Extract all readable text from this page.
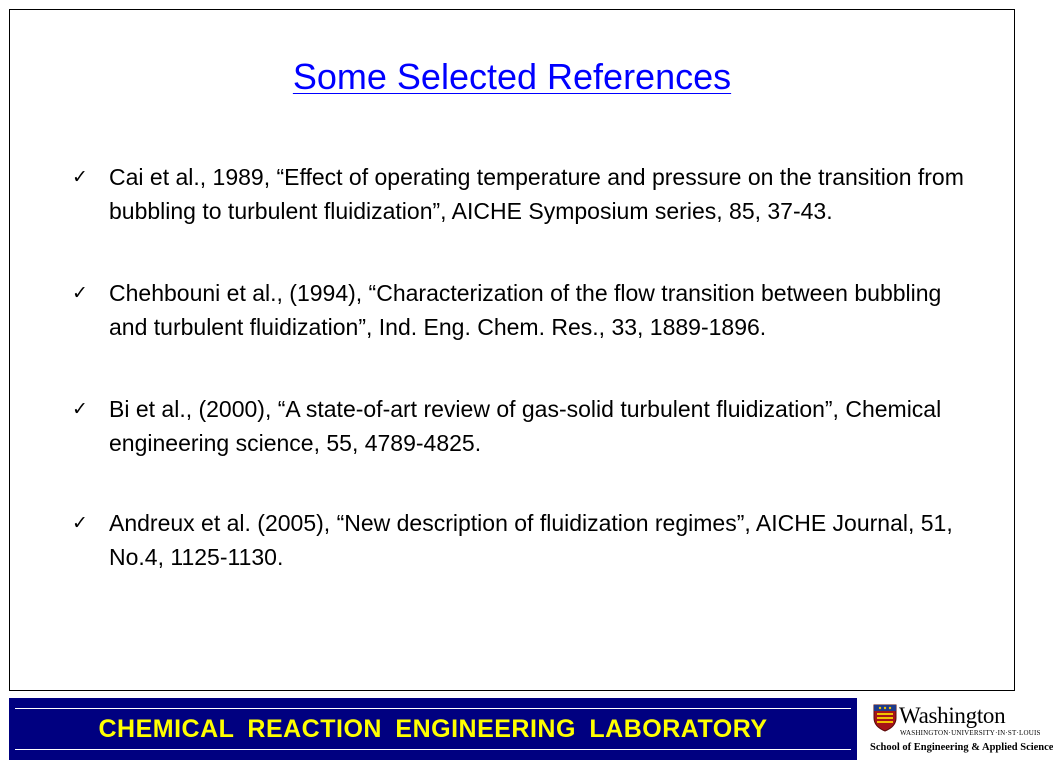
Some Selected References
✓ Cai et al., 1989, “Effect of operating temperature and pressure on the transition from bubbling to turbulent fluidization”, AICHE Symposium series, 85, 37-43.
✓ Chehbouni et al., (1994), “Characterization of the flow transition between bubbling and turbulent fluidization”, Ind. Eng. Chem. Res., 33, 1889-1896.
✓ Bi et al., (2000), “A state-of-art review of gas-solid turbulent fluidization”, Chemical engineering science, 55, 4789-4825.
✓ Andreux et al. (2005), “New description of fluidization regimes”, AICHE Journal, 51, No.4, 1125-1130.
CHEMICAL REACTION ENGINEERING LABORATORY	Washington
WASHINGTON·UNIVERSITY·IN·ST·LOUIS
School of Engineering & Applied Science
